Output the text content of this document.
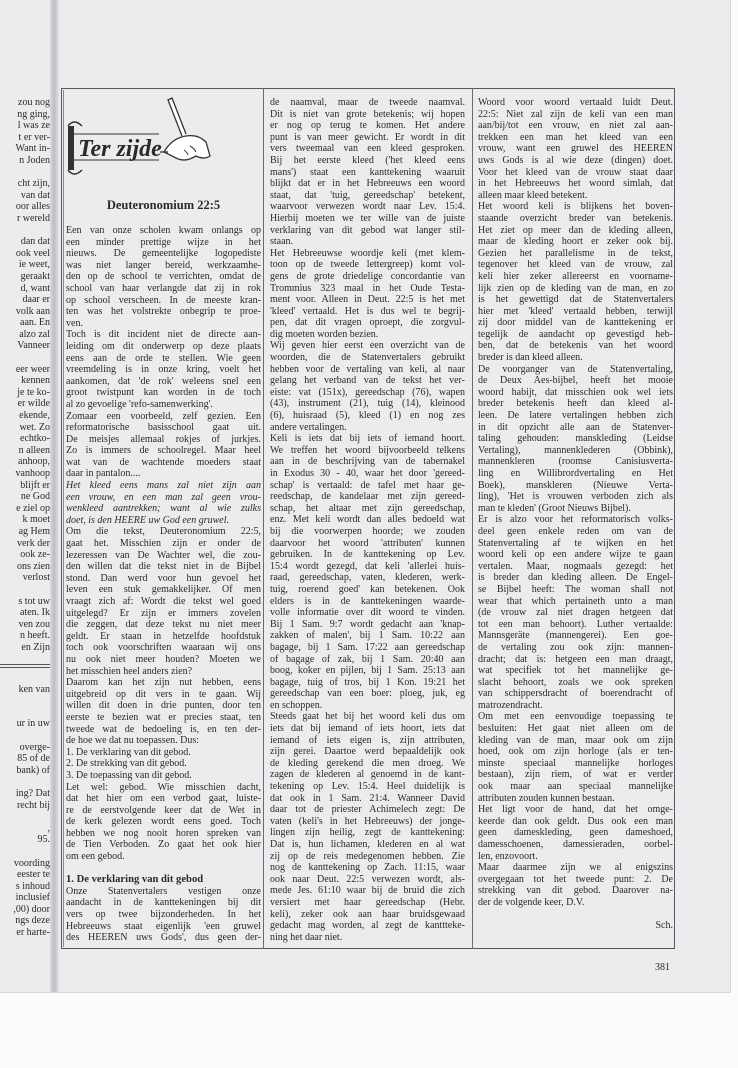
zou nog
ng ging,
l was ze
t er ver-
Want in-
n Joden
cht zijn,
van dat
oor alles
r wereld
dan dat
ook veel
ie weet,
geraakt
d, want
daar er
volk aan
aan. En
alzo zal
Vanneer
eer weer
kennen
je te ko-
er wilde
ekende,
wet. Zo
echtko-
n alleen
anhoop,
vanhoop
blijft er
ne God
e ziel op
k moet
ag Hem
verk der
ook ze-
ons zien
verlost
s tot uw
aten. Ik
ven zou
n heeft.
en Zijn
ken van
ur in uw
overge-
85 of de
bank) of
ing? Dat
recht bij
,
95.
voording
eester te
s inhoud
inclusief
,00) door
ngs deze
er harte-
Ter zijde
Deuteronomium 22:5
Een van onze scholen kwam onlangs op
een minder prettige wijze in het
nieuws. De gemeentelijke logopediste
was niet langer bereid, werkzaamhe-
den op de school te verrichten, omdat de
school van haar verlangde dat zij in rok
op school verscheen. In de meeste kran-
ten was het volstrekte onbegrip te proe-
ven.
Toch is dit incident niet de directe aan-
leiding om dit onderwerp op deze plaats
eens aan de orde te stellen. Wie geen
vreemdeling is in onze kring, voelt het
aankomen, dat 'de rok' weleens snel een
groot twistpunt kan worden in de toch
al zo gevoelige 'refo-samenwerking'.
Zomaar een voorbeeld, zelf gezien. Een
reformatorische basisschool gaat uit.
De meisjes allemaal rokjes of jurkjes.
Zo is immers de schoolregel. Maar heel
wat van de wachtende moeders staat
daar in pantalon....
Het kleed eens mans zal niet zijn aan
een vrouw, en een man zal geen vrou-
wenkleed aantrekken; want al wie zulks
doet, is den HEERE uw God een gruwel.
Om die tekst, Deuteronomium 22:5,
gaat het. Misschien zijn er onder de
lezeressen van De Wachter wel, die zou-
den willen dat die tekst niet in de Bijbel
stond. Dan werd voor hun gevoel het
leven een stuk gemakkelijker. Of men
vraagt zich af: Wordt die tekst wel goed
uitgelegd? Er zijn er immers zovelen
die zeggen, dat deze tekst nu niet meer
geldt. Er staan in hetzelfde hoofdstuk
toch ook voorschriften waaraan wij ons
nu ook niet meer houden? Moeten we
het misschien heel anders zien?
Daarom kan het zijn nut hebben, eens
uitgebreid op dit vers in te gaan. Wij
willen dit doen in drie punten, door ten
eerste te bezien wat er precies staat, ten
tweede wat de bedoeling is, en ten der-
de hoe we dat nu toepassen. Dus:
1. De verklaring van dit gebod.
2. De strekking van dit gebod.
3. De toepassing van dit gebod.
Let wel: gebod. Wie misschien dacht,
dat het hier om een verbod gaat, luiste-
re de eerstvolgende keer dat de Wet in
de kerk gelezen wordt eens goed. Toch
hebben we nog nooit horen spreken van
de Tien Verboden. Zo gaat het ook hier
om een gebod.
1. De verklaring van dit gebod
Onze Statenvertalers vestigen onze
aandacht in de kanttekeningen bij dit
vers op twee bijzonderheden. In het
Hebreeuws staat eigenlijk 'een gruwel
des HEEREN uws Gods', dus geen der-
de naamval, maar de tweede naamval.
Dit is niet van grote betekenis; wij hopen
er nog op terug te komen. Het andere
punt is van meer gewicht. Er wordt in dit
vers tweemaal van een kleed gesproken.
Bij het eerste kleed ('het kleed eens
mans') staat een kanttekening waaruit
blijkt dat er in het Hebreeuws een woord
staat, dat 'tuig, gereedschap' betekent,
waarvoor verwezen wordt naar Lev. 15:4.
Hierbij moeten we ter wille van de juiste
verklaring van dit gebod wat langer stil-
staan.
Het Hebreeuwse woordje keli (met klem-
toon op de tweede lettergreep) komt vol-
gens de grote driedelige concordantie van
Trommius 323 maal in het Oude Testa-
ment voor. Alleen in Deut. 22:5 is het met
'kleed' vertaald. Het is dus wel te begrij-
pen, dat dit vragen oproept, die zorgvul-
dig moeten worden bezien.
Wij geven hier eerst een overzicht van de
woorden, die de Statenvertalers gebruikt
hebben voor de vertaling van keli, al naar
gelang het verband van de tekst het ver-
eiste: vat (151x), gereedschap (76), wapen
(43), instrument (21), tuig (14), kleinood
(6), huisraad (5), kleed (1) en nog zes
andere vertalingen.
Keli is iets dat bij iets of iemand hoort.
We treffen het woord bijvoorbeeld telkens
aan in de beschrijving van de tabernakel
in Exodus 30 - 40, waar het door 'gereed-
schap' is vertaald: de tafel met haar ge-
reedschap, de kandelaar met zijn gereed-
schap, het altaar met zijn gereedschap,
enz. Met keli wordt dan alles bedoeld wat
bij die voorwerpen hoorde; we zouden
daarvoor het woord 'attributen' kunnen
gebruiken. In de kanttekening op Lev.
15:4 wordt gezegd, dat keli 'allerlei huis-
raad, gereedschap, vaten, klederen, werk-
tuig, roerend goed' kan betekenen. Ook
elders is in de kanttekeningen waarde-
volle informatie over dit woord te vinden.
Bij 1 Sam. 9:7 wordt gedacht aan 'knap-
zakken of malen', bij 1 Sam. 10:22 aan
bagage, bij 1 Sam. 17:22 aan gereedschap
of bagage of zak, bij 1 Sam. 20:40 aan
boog, koker en pijlen, bij 1 Sam. 25:13 aan
bagage, tuig of tros, bij 1 Kon. 19:21 het
gereedschap van een boer: ploeg, juk, eg
en schoppen.
Steeds gaat het bij het woord keli dus om
iets dat bij iemand of iets hoort, iets dat
iemand of iets eigen is, zijn attributen,
zijn gerei. Daartoe werd bepaaldelijk ook
de kleding gerekend die men droeg. We
zagen de klederen al genoemd in de kant-
tekening op Lev. 15:4. Heel duidelijk is
dat ook in 1 Sam. 21:4. Wanneer David
daar tot de priester Achimelech zegt: De
vaten (keli's in het Hebreeuws) der jonge-
lingen zijn heilig, zegt de kanttekening:
Dat is, hun lichamen, klederen en al wat
zij op de reis medegenomen hebben. Zie
nog de kanttekening op Zach. 11:15, waar
ook naar Deut. 22:5 verwezen wordt, als-
mede Jes. 61:10 waar bij de bruid die zich
versiert met haar gereedschap (Hebr.
keli), zeker ook aan haar bruidsgewaad
gedacht mag worden, al zegt de kanttteke-
ning het daar niet.
Woord voor woord vertaald luidt Deut.
22:5: Niet zal zijn de keli van een man
aan/bij/tot een vrouw, en niet zal aan-
trekken een man het kleed van een
vrouw, want een gruwel des HEEREN
uws Gods is al wie deze (dingen) doet.
Voor het kleed van de vrouw staat daar
in het Hebreeuws het woord simlah, dat
alleen maar kleed betekent.
Het woord keli is blijkens het boven-
staande overzicht breder van betekenis.
Het ziet op meer dan de kleding alleen,
maar de kleding hoort er zeker ook bij.
Gezien het parallelisme in de tekst,
tegenover het kleed van de vrouw, zal
keli hier zeker allereerst en voorname-
lijk zien op de kleding van de man, en zo
is het gewettigd dat de Statenvertalers
hier met 'kleed' vertaald hebben, terwijl
zij door middel van de kanttekening er
tegelijk de aandacht op gevestigd heb-
ben, dat de betekenis van het woord
breder is dan kleed alleen.
De voorganger van de Statenvertaling,
de Deux Aes-bijbel, heeft het mooie
woord habijt, dat misschien ook wel iets
breder betekenis heeft dan kleed al-
leen. De latere vertalingen hebben zich
in dit opzicht alle aan de Statenver-
taling gehouden: manskleding (Leidse
Vertaling), mannenklederen (Obbink),
mannenkleren (roomse Canisiusverta-
ling en Willibrordvertaling en Het
Boek), manskleren (Nieuwe Verta-
ling), 'Het is vrouwen verboden zich als
man te kleden' (Groot Nieuws Bijbel).
Er is alzo voor het reformatorisch volks-
deel geen enkele reden om van de
Statenvertaling af te wijken en het
woord keli op een andere wijze te gaan
vertalen. Maar, nogmaals gezegd: het
is breder dan kleding alleen. De Engel-
se Bijbel heeft: The woman shall not
wear that which pertaineth unto a man
(de vrouw zal niet dragen hetgeen dat
tot een man behoort). Luther vertaalde:
Mannsgeräte (mannengerei). Een goe-
de vertaling zou ook zijn: mannen-
dracht; dat is: hetgeen een man draagt,
wat specifiek tot het mannelijke ge-
slacht behoort, zoals we ook spreken
van schippersdracht of boerendracht of
matrozendracht.
Om met een eenvoudige toepassing te
besluiten: Het gaat niet alleen om de
kleding van de man, maar ook om zijn
hoed, ook om zijn horloge (als er ten-
minste speciaal mannelijke horloges
bestaan), zijn riem, of wat er verder
ook maar aan speciaal mannelijke
attributen zouden kunnen bestaan.
Het ligt voor de hand, dat het omge-
keerde dan ook geldt. Dus ook een man
geen dameskleding, geen dameshoed,
damesschoenen, damessieraden, oorbel-
len, enzovoort.
Maar daarmee zijn we al enigszins
overgegaan tot het tweede punt: 2. De
strekking van dit gebod. Daarover na-
der de volgende keer, D.V.
Sch.
381
